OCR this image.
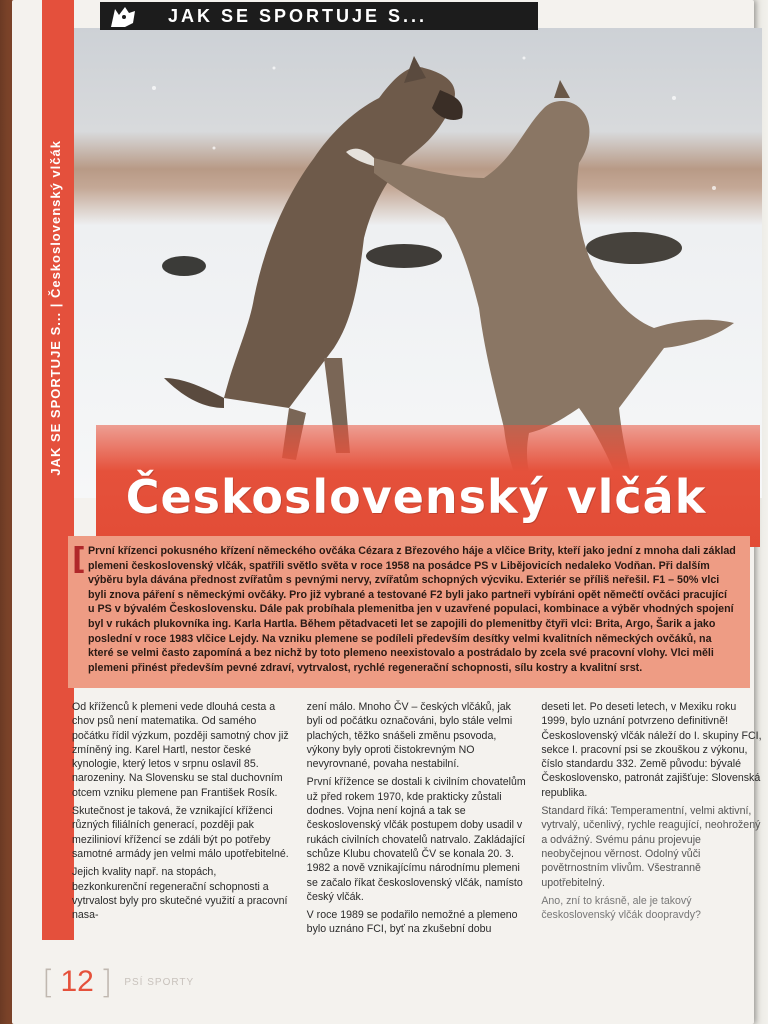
JAK SE SPORTUJE S... | Československý vlčák
JAK SE SPORTUJE S...
Československý vlčák
[ První křízenci pokusného křízení německého ovčáka Cézara z Březového háje a vlčice Brity, kteří jako jední z mnoha dali základ plemeni československý vlčák, spatřili světlo světa v roce 1958 na posádce PS v Libějovicích nedaleko Vodňan. Při dalším výběru byla dávána přednost zvířatům s pevnými nervy, zvířatům schopných výcviku. Exteriér se příliš neřešil. F1 – 50% vlci byli znova páření s německými ovčáky. Pro již vybrané a testované F2 byli jako partneři vybíráni opět němečtí ovčáci pracující u PS v bývalém Československu. Dále pak probíhala plemenitba jen v uzavřené populaci, kombinace a výběr vhodných spojení byl v rukách plukovníka ing. Karla Hartla. Během pětadvaceti let se zapojili do plemenitby čtyři vlci: Brita, Argo, Šarik a jako poslední v roce 1983 vlčice Lejdy. Na vzniku plemene se podíleli především desítky velmi kvalitních německých ovčáků, na které se velmi často zapomíná a bez nichž by toto plemeno neexistovalo a postrádalo by zcela své pracovní vlohy. Vlci měli plemeni přinést především pevné zdraví, vytrvalost, rychlé regenerační schopnosti, sílu kostry a kvalitní srst.

Od kříženců k plemeni vede dlouhá cesta a chov psů není matematika. Od samého počátku řídil výzkum, později samotný chov již zmíněný ing. Karel Hartl, nestor české kynologie, který letos v srpnu oslavil 85. narozeniny. Na Slovensku se stal duchovním otcem vzniku plemene pan František Rosík.

Skutečnost je taková, že vznikající kříženci různých filiálních generací, později pak mezilinioví křížencí se zdáli být po potřeby samotné armády jen velmi málo upotřebitelné.

Jejich kvality např. na stopách, bezkonkurenční regenerační schopnosti a vytrvalost byly pro skutečné využití a pracovní nasa-

zení málo. Mnoho ČV – českých vlčáků, jak byli od počátku označováni, bylo stále velmi plachých, těžko snášeli změnu psovoda, výkony byly oproti čistokrevným NO nevyrovnané, povaha nestabilní.

První křížence se dostali k civilním chovatelům už před rokem 1970, kde prakticky zůstali dodnes. Vojna není kojná a tak se československý vlčák postupem doby usadil v rukách civilních chovatelů natrvalo. Zakládající schůze Klubu chovatelů ČV se konala 20. 3. 1982 a nově vznikajícímu národnímu plemeni se začalo říkat československý vlčák, namísto český vlčák.

V roce 1989 se podařilo nemožné a plemeno bylo uznáno FCI, byť na zkušební dobu

deseti let. Po deseti letech, v Mexiku roku 1999, bylo uznání potvrzeno definitivně! Československý vlčák náleží do I. skupiny FCI, sekce I. pracovní psi se zkouškou z výkonu, číslo standardu 332. Země původu: bývalé Československo, patronát zajišťuje: Slovenská republika.

Standard říká: Temperamentní, velmi aktivní, vytrvalý, učenlivý, rychle reagující, neohrožený a odvážný. Svému pánu projevuje neobyčejnou věrnost. Odolný vůči povětrnostním vlivům. Všestranně upotřebitelný.

Ano, zní to krásně, ale je takový československý vlčák doopravdy?

[ 12 ] PSÍ SPORTY
